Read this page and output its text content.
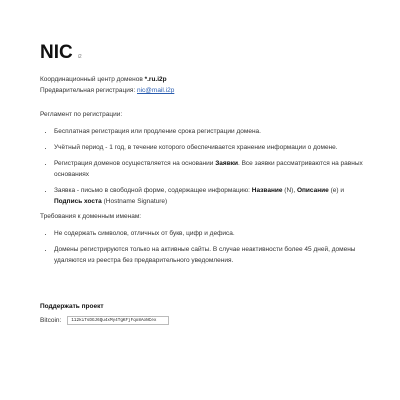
NIC i2

Координационный центр доменов *.ru.i2p

Предварительная регистрация: nic@mail.i2p

Регламент по регистрации:
• Бесплатная регистрация или продление срока регистрации домена.
• Учётный период - 1 год, в течение которого обеспечивается хранение информации о домене.
• Регистрация доменов осуществляется на основании Заявки. Все заявки рассматриваются на равных основаниях
• Заявка - письмо в свободной форме, содержащее информацию: Название (N), Описание (e) и Подпись хоста (Hostname Signature)
Требования к доменным именам:
• Не содержать символов, отличных от букв, цифр и дефиса.
• Домены регистрируются только на активные сайты. В случае неактивности более 45 дней, домены удаляются из реестра без предварительного уведомления.
Поддержать проект
Bitcoin:
112kiTsDGJ6Qu4xMy4TgKFjFqo8AoNCex
